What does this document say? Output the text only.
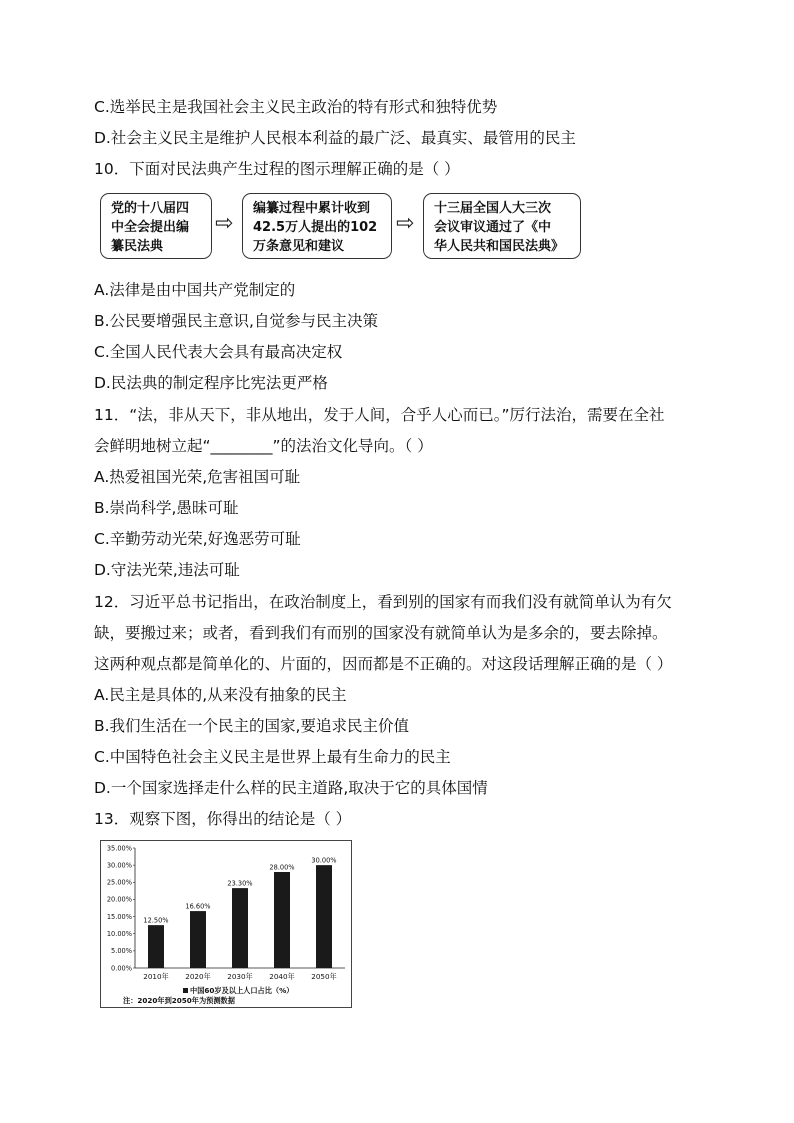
C.选举民主是我国社会主义民主政治的特有形式和独特优势
D.社会主义民主是维护人民根本利益的最广泛、最真实、最管用的民主
10．下面对民法典产生过程的图示理解正确的是（ ）
党的十八届四
中全会提出编
纂民法典
⇨
编纂过程中累计收到
42.5万人提出的102
万条意见和建议
⇨
十三届全国人大三次
会议审议通过了《中
华人民共和国民法典》
A.法律是由中国共产党制定的
B.公民要增强民主意识,自觉参与民主决策
C.全国人民代表大会具有最高决定权
D.民法典的制定程序比宪法更严格
11．“法，非从天下，非从地出，发于人间，合乎人心而已。”厉行法治，需要在全社
会鲜明地树立起“________”的法治文化导向。（ ）
A.热爱祖国光荣,危害祖国可耻
B.崇尚科学,愚昧可耻
C.辛勤劳动光荣,好逸恶劳可耻
D.守法光荣,违法可耻
12．习近平总书记指出，在政治制度上，看到别的国家有而我们没有就简单认为有欠
缺，要搬过来；或者，看到我们有而别的国家没有就简单认为是多余的，要去除掉。
这两种观点都是简单化的、片面的，因而都是不正确的。对这段话理解正确的是（ ）
A.民主是具体的,从来没有抽象的民主
B.我们生活在一个民主的国家,要追求民主价值
C.中国特色社会主义民主是世界上最有生命力的民主
D.一个国家选择走什么样的民主道路,取决于它的具体国情
13．观察下图，你得出的结论是（ ）
0.00%
5.00%
10.00%
15.00%
20.00%
25.00%
30.00%
35.00%
12.50%
2010年
16.60%
2020年
23.30%
2030年
28.00%
2040年
30.00%
2050年
中国60岁及以上人口占比（%）
注：2020年到2050年为预测数据
